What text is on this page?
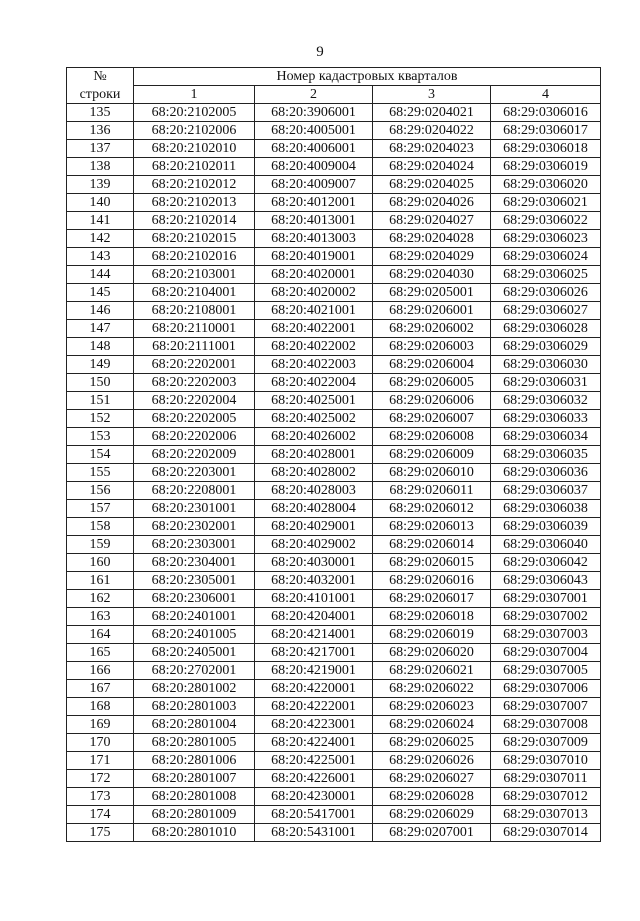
9
№	Номер кадастровых кварталов			
строки	1	2	3	4
135	68:20:2102005	68:20:3906001	68:29:0204021	68:29:0306016
136	68:20:2102006	68:20:4005001	68:29:0204022	68:29:0306017
137	68:20:2102010	68:20:4006001	68:29:0204023	68:29:0306018
138	68:20:2102011	68:20:4009004	68:29:0204024	68:29:0306019
139	68:20:2102012	68:20:4009007	68:29:0204025	68:29:0306020
140	68:20:2102013	68:20:4012001	68:29:0204026	68:29:0306021
141	68:20:2102014	68:20:4013001	68:29:0204027	68:29:0306022
142	68:20:2102015	68:20:4013003	68:29:0204028	68:29:0306023
143	68:20:2102016	68:20:4019001	68:29:0204029	68:29:0306024
144	68:20:2103001	68:20:4020001	68:29:0204030	68:29:0306025
145	68:20:2104001	68:20:4020002	68:29:0205001	68:29:0306026
146	68:20:2108001	68:20:4021001	68:29:0206001	68:29:0306027
147	68:20:2110001	68:20:4022001	68:29:0206002	68:29:0306028
148	68:20:2111001	68:20:4022002	68:29:0206003	68:29:0306029
149	68:20:2202001	68:20:4022003	68:29:0206004	68:29:0306030
150	68:20:2202003	68:20:4022004	68:29:0206005	68:29:0306031
151	68:20:2202004	68:20:4025001	68:29:0206006	68:29:0306032
152	68:20:2202005	68:20:4025002	68:29:0206007	68:29:0306033
153	68:20:2202006	68:20:4026002	68:29:0206008	68:29:0306034
154	68:20:2202009	68:20:4028001	68:29:0206009	68:29:0306035
155	68:20:2203001	68:20:4028002	68:29:0206010	68:29:0306036
156	68:20:2208001	68:20:4028003	68:29:0206011	68:29:0306037
157	68:20:2301001	68:20:4028004	68:29:0206012	68:29:0306038
158	68:20:2302001	68:20:4029001	68:29:0206013	68:29:0306039
159	68:20:2303001	68:20:4029002	68:29:0206014	68:29:0306040
160	68:20:2304001	68:20:4030001	68:29:0206015	68:29:0306042
161	68:20:2305001	68:20:4032001	68:29:0206016	68:29:0306043
162	68:20:2306001	68:20:4101001	68:29:0206017	68:29:0307001
163	68:20:2401001	68:20:4204001	68:29:0206018	68:29:0307002
164	68:20:2401005	68:20:4214001	68:29:0206019	68:29:0307003
165	68:20:2405001	68:20:4217001	68:29:0206020	68:29:0307004
166	68:20:2702001	68:20:4219001	68:29:0206021	68:29:0307005
167	68:20:2801002	68:20:4220001	68:29:0206022	68:29:0307006
168	68:20:2801003	68:20:4222001	68:29:0206023	68:29:0307007
169	68:20:2801004	68:20:4223001	68:29:0206024	68:29:0307008
170	68:20:2801005	68:20:4224001	68:29:0206025	68:29:0307009
171	68:20:2801006	68:20:4225001	68:29:0206026	68:29:0307010
172	68:20:2801007	68:20:4226001	68:29:0206027	68:29:0307011
173	68:20:2801008	68:20:4230001	68:29:0206028	68:29:0307012
174	68:20:2801009	68:20:5417001	68:29:0206029	68:29:0307013
175	68:20:2801010	68:20:5431001	68:29:0207001	68:29:0307014
